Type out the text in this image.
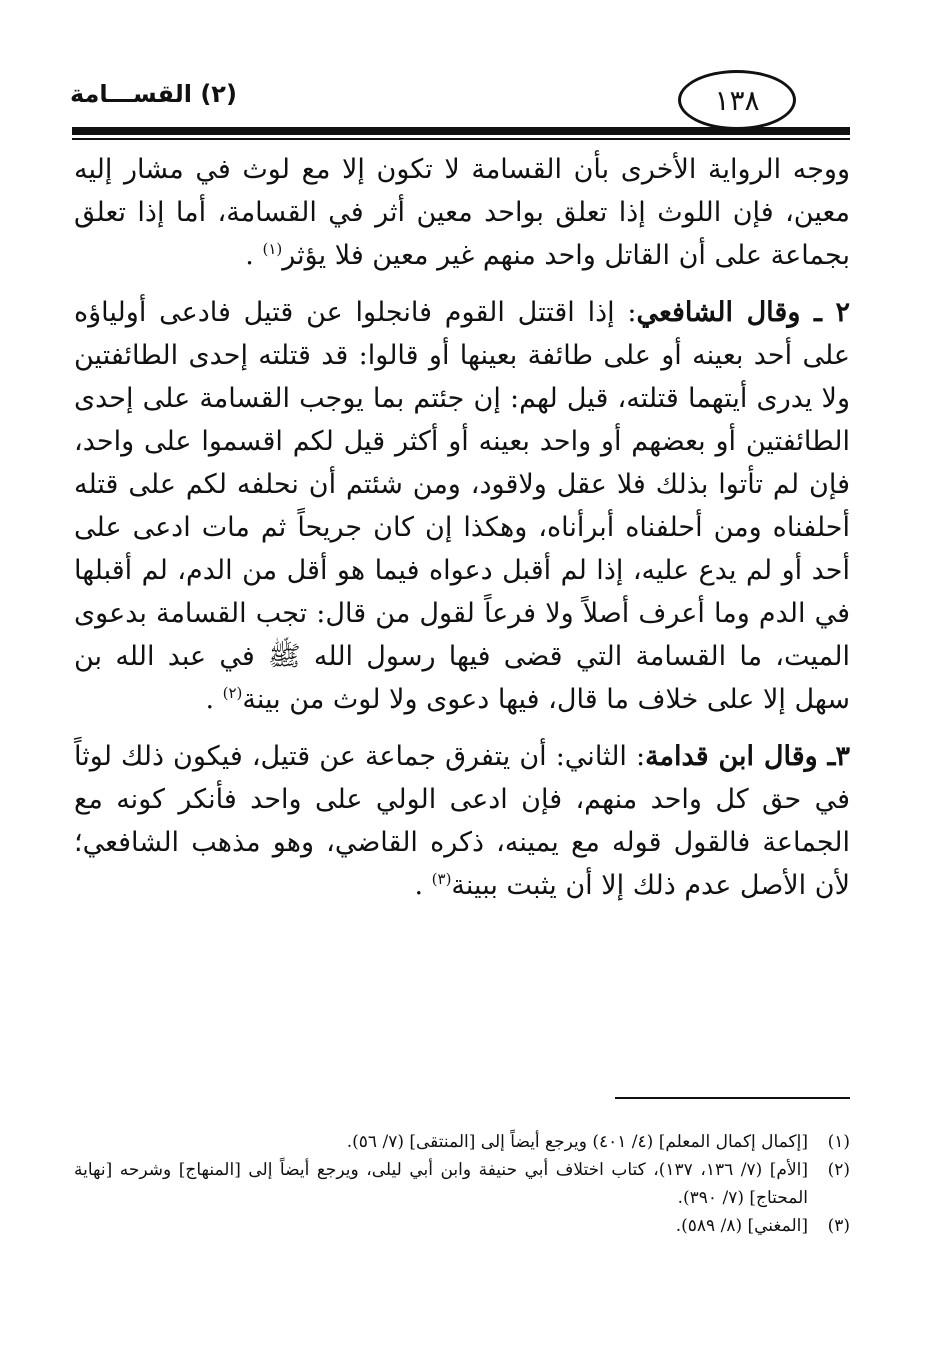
(٢) القســـامة	١٣٨

ووجه الرواية الأخرى بأن القسامة لا تكون إلا مع لوث في مشار إليه معين، فإن اللوث إذا تعلق بواحد معين أثر في القسامة، أما إذا تعلق بجماعة على أن القاتل واحد منهم غير معين فلا يؤثر$^{(١)}$ .

٢ ـ وقال الشافعي: إذا اقتتل القوم فانجلوا عن قتيل فادعى أولياؤه على أحد بعينه أو على طائفة بعينها أو قالوا: قد قتلته إحدى الطائفتين ولا يدرى أيتهما قتلته، قيل لهم: إن جئتم بما يوجب القسامة على إحدى الطائفتين أو بعضهم أو واحد بعينه أو أكثر قيل لكم اقسموا على واحد، فإن لم تأتوا بذلك فلا عقل ولاقود، ومن شئتم أن نحلفه لكم على قتله أحلفناه ومن أحلفناه أبرأناه، وهكذا إن كان جريحاً ثم مات ادعى على أحد أو لم يدع عليه، إذا لم أقبل دعواه فيما هو أقل من الدم، لم أقبلها في الدم وما أعرف أصلاً ولا فرعاً لقول من قال: تجب القسامة بدعوى الميت، ما القسامة التي قضى فيها رسول الله ﷺ في عبد الله بن سهل إلا على خلاف ما قال، فيها دعوى ولا لوث من بينة$^{(٢)}$ .

٣ـ وقال ابن قدامة: الثاني: أن يتفرق جماعة عن قتيل، فيكون ذلك لوثاً في حق كل واحد منهم، فإن ادعى الولي على واحد فأنكر كونه مع الجماعة فالقول قوله مع يمينه، ذكره القاضي، وهو مذهب الشافعي؛ لأن الأصل عدم ذلك إلا أن يثبت ببينة$^{(٣)}$ .

(١)
[إكمال إكمال المعلم] (٤/ ٤٠١) ويرجع أيضاً إلى [المنتقى] (٧/ ٥٦).
(٢)
[الأم] (٧/ ١٣٦، ١٣٧)، كتاب اختلاف أبي حنيفة وابن أبي ليلى، ويرجع أيضاً إلى [المنهاج] وشرحه [نهاية المحتاج] (٧/ ٣٩٠).
(٣)
[المغني] (٨/ ٥٨٩).
